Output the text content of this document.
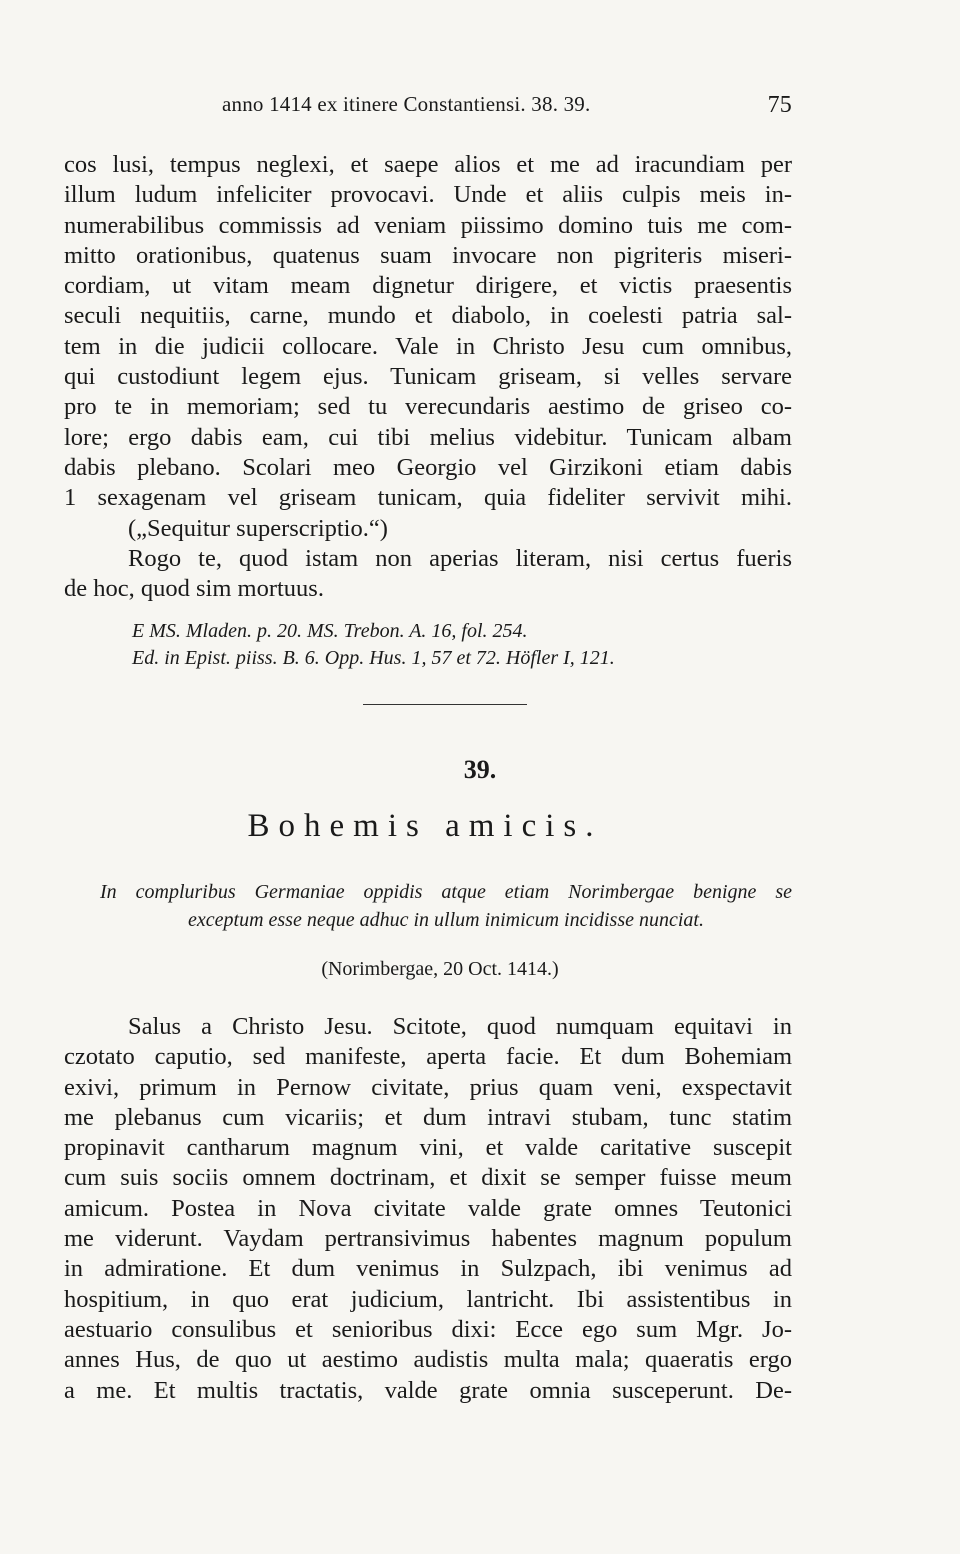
anno 1414 ex itinere Constantiensi. 38. 39.	75
cos lusi, tempus neglexi, et saepe alios et me ad iracundiam per
illum ludum infeliciter provocavi. Unde et aliis culpis meis in-
numerabilibus commissis ad veniam piissimo domino tuis me com-
mitto orationibus, quatenus suam invocare non pigriteris miseri-
cordiam, ut vitam meam dignetur dirigere, et victis praesentis
seculi nequitiis, carne, mundo et diabolo, in coelesti patria sal-
tem in die judicii collocare. Vale in Christo Jesu cum omnibus,
qui custodiunt legem ejus. Tunicam griseam, si velles servare
pro te in memoriam; sed tu verecundaris aestimo de griseo co-
lore; ergo dabis eam, cui tibi melius videbitur. Tunicam albam
dabis plebano. Scolari meo Georgio vel Girzikoni etiam dabis
1 sexagenam vel griseam tunicam, quia fideliter servivit mihi.
(„Sequitur superscriptio.“)
Rogo te, quod istam non aperias literam, nisi certus fueris
de hoc, quod sim mortuus.
E MS. Mladen. p. 20. MS. Trebon. A. 16, fol. 254.
Ed. in Epist. piiss. B. 6. Opp. Hus. 1, 57 et 72. Höfler I, 121.
39.
Bohemis amicis.
In compluribus Germaniae oppidis atque etiam Norimbergae benigne se
exceptum esse neque adhuc in ullum inimicum incidisse nunciat.
(Norimbergae, 20 Oct. 1414.)
Salus a Christo Jesu. Scitote, quod numquam equitavi in
czotato caputio, sed manifeste, aperta facie. Et dum Bohemiam
exivi, primum in Pernow civitate, prius quam veni, exspectavit
me plebanus cum vicariis; et dum intravi stubam, tunc statim
propinavit cantharum magnum vini, et valde caritative suscepit
cum suis sociis omnem doctrinam, et dixit se semper fuisse meum
amicum. Postea in Nova civitate valde grate omnes Teutonici
me viderunt. Vaydam pertransivimus habentes magnum populum
in admiratione. Et dum venimus in Sulzpach, ibi venimus ad
hospitium, in quo erat judicium, lantricht. Ibi assistentibus in
aestuario consulibus et senioribus dixi: Ecce ego sum Mgr. Jo-
annes Hus, de quo ut aestimo audistis multa mala; quaeratis ergo
a me. Et multis tractatis, valde grate omnia susceperunt. De-
